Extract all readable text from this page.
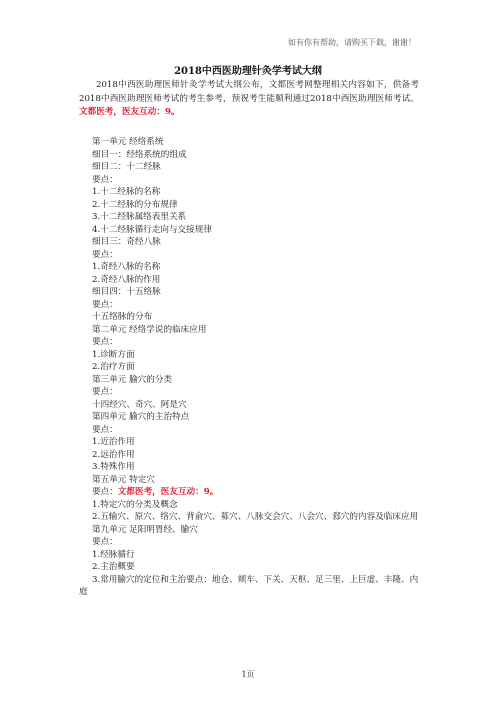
如有你有帮助，请购买下载，谢谢！
2018中西医助理针灸学考试大纲
2018中西医助理医师针灸学考试大纲公布，文都医考网整理相关内容如下，供备考2018中西医助理医师考试的考生参考，预祝考生能顺利通过2018中西医助理医师考试。文都医考，医友互动：9。
第一单元 经络系统
细目一：经络系统的组成
细目二：十二经脉
要点：
1.十二经脉的名称
2.十二经脉的分布规律
3.十二经脉属络表里关系
4.十二经脉循行走向与交接规律
细目三：奇经八脉
要点：
1.奇经八脉的名称
2.奇经八脉的作用
细目四：十五络脉
要点：
十五络脉的分布
第二单元 经络学说的临床应用
要点：
1.诊断方面
2.治疗方面
第三单元 腧穴的分类
要点：
十四经穴、奇穴、阿是穴
第四单元 腧穴的主治特点
要点：
1.近治作用
2.远治作用
3.特殊作用
第五单元 特定穴
要点：文都医考，医友互动：9。
1.特定穴的分类及概念
2.五输穴、原穴、络穴、背俞穴、募穴、八脉交会穴、八会穴、郄穴的内容及临床应用
第九单元 足阳明胃经、腧穴
要点：
1.经脉循行
2.主治概要
3.常用腧穴的定位和主治要点：地仓、颊车、下关、天枢、足三里、上巨虚、丰隆、内庭
1页
